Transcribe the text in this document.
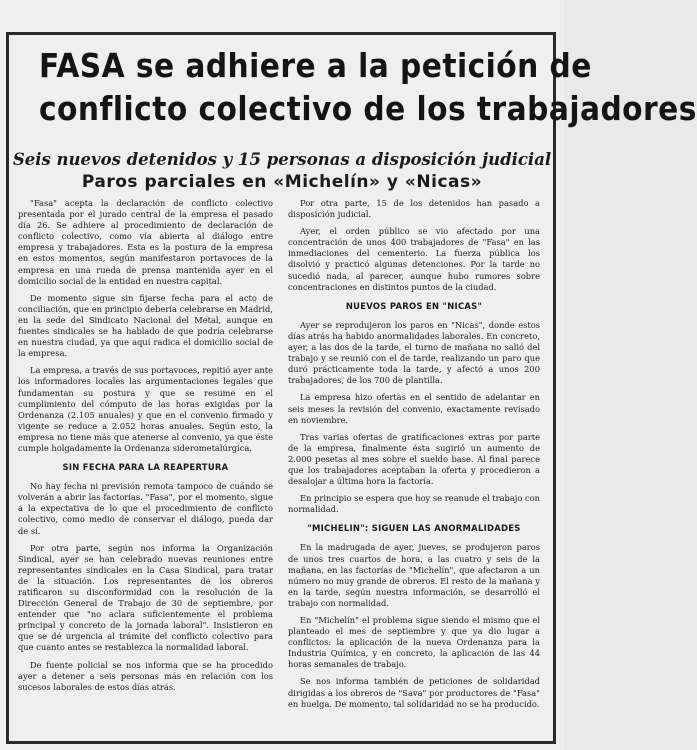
FASA se adhiere a la petición de
conflicto colectivo de los trabajadores
Seis nuevos detenidos y 15 personas a disposición judicial
Paros parciales en «Michelín» y «Nicas»

"Fasa" acepta la declaración de conflicto colectivo presentada por el jurado central de la empresa el pasado día 26. Se adhiere al procedimiento de declaración de conflicto colectivo, como vía abierta al diálogo entre empresa y trabajadores. Esta es la postura de la empresa en estos momentos, según manifestaron portavoces de la empresa en una rueda de prensa mantenida ayer en el domicilio social de la entidad en nuestra capital.

De momento sigue sin fijarse fecha para el acto de conciliación, que en principio debería celebrarse en Madrid, en la sede del Sindicato Nacional del Metal, aunque en fuentes sindicales se ha hablado de que podría celebrarse en nuestra ciudad, ya que aquí radica el domicilio social de la empresa.

La empresa, a través de sus portavoces, repitió ayer ante los informadores locales las argumentaciones legales que fundamentan su postura y que se resume en el cumplimiento del cómputo de las horas exigidas por la Ordenanza (2.105 anuales) y que en el convenio firmado y vigente se reduce a 2.052 horas anuales. Según esto, la empresa no tiene más que atenerse al convenio, ya que éste cumple holgadamente la Ordenanza siderometalúrgica.

SIN FECHA PARA LA REAPERTURA

No hay fecha ni previsión remota tampoco de cuándo se volverán a abrir las factorías. "Fasa", por el momento, sigue a la expectativa de lo que el procedimiento de conflicto colectivo, como medio de conservar el diálogo, pueda dar de sí.

Por otra parte, según nos informa la Organización Sindical, ayer se han celebrado nuevas reuniones entre representantes sindicales en la Casa Sindical, para tratar de la situación. Los representantes de los obreros ratificaron su disconformidad con la resolución de la Dirección General de Trabajo de 30 de septiembre, por entender que "no aclara suficientemente el problema principal y concreto de la jornada laboral". Insistieron en que se dé urgencia al trámite del conflicto colectivo para que cuanto antes se restablezca la normalidad laboral.

De fuente policial se nos informa que se ha procedido ayer a detener a seis personas más en relación con los sucesos laborales de estos días atrás.

Por otra parte, 15 de los detenidos han pasado a disposición judicial.

Ayer, el orden público se vio afectado por una concentración de unos 400 trabajadores de "Fasa" en las inmediaciones del cementerio. La fuerza pública los disolvió y practicó algunas detenciones. Por la tarde no sucedió nada, al parecer, aunque hubo rumores sobre concentraciones en distintos puntos de la ciudad.

NUEVOS PAROS EN "NICAS"

Ayer se reprodujeron los paros en "Nicas", donde estos días atrás ha habido anormalidades laborales. En concreto, ayer, a las dos de la tarde, el turno de mañana no salió del trabajo y se reunió con el de tarde, realizando un paro que duró prácticamente toda la tarde, y afectó a unos 200 trabajadores, de los 700 de plantilla.

La empresa hizo ofertas en el sentido de adelantar en seis meses la revisión del convenio, exactamente revisado en noviembre.

Tras varias ofertas de gratificaciones extras por parte de la empresa, finalmente ésta sugirió un aumento de 2.000 pesetas al mes sobre el sueldo base. Al final parece que los trabajadores aceptaban la oferta y procedieron a desalojar a última hora la factoría.

En principio se espera que hoy se reanude el trabajo con normalidad.

"MICHELIN": SIGUEN LAS ANORMALIDADES

En la madrugada de ayer, jueves, se produjeron paros de unos tres cuartos de hora, a las cuatro y seis de la mañana, en las factorías de "Michelín", que afectaron a un número no muy grande de obreros. El resto de la mañana y en la tarde, según nuestra información, se desarrolló el trabajo con normalidad.

En "Michelín" el problema sigue siendo el mismo que el planteado el mes de septiembre y que ya dio lugar a conflictos: la aplicación de la nueva Ordenanza para la Industria Química, y en concreto, la aplicación de las 44 horas semanales de trabajo.

Se nos informa también de peticiones de solidaridad dirigidas a los obreros de "Sava" por productores de "Fasa" en huelga. De momento, tal solidaridad no se ha producido.
